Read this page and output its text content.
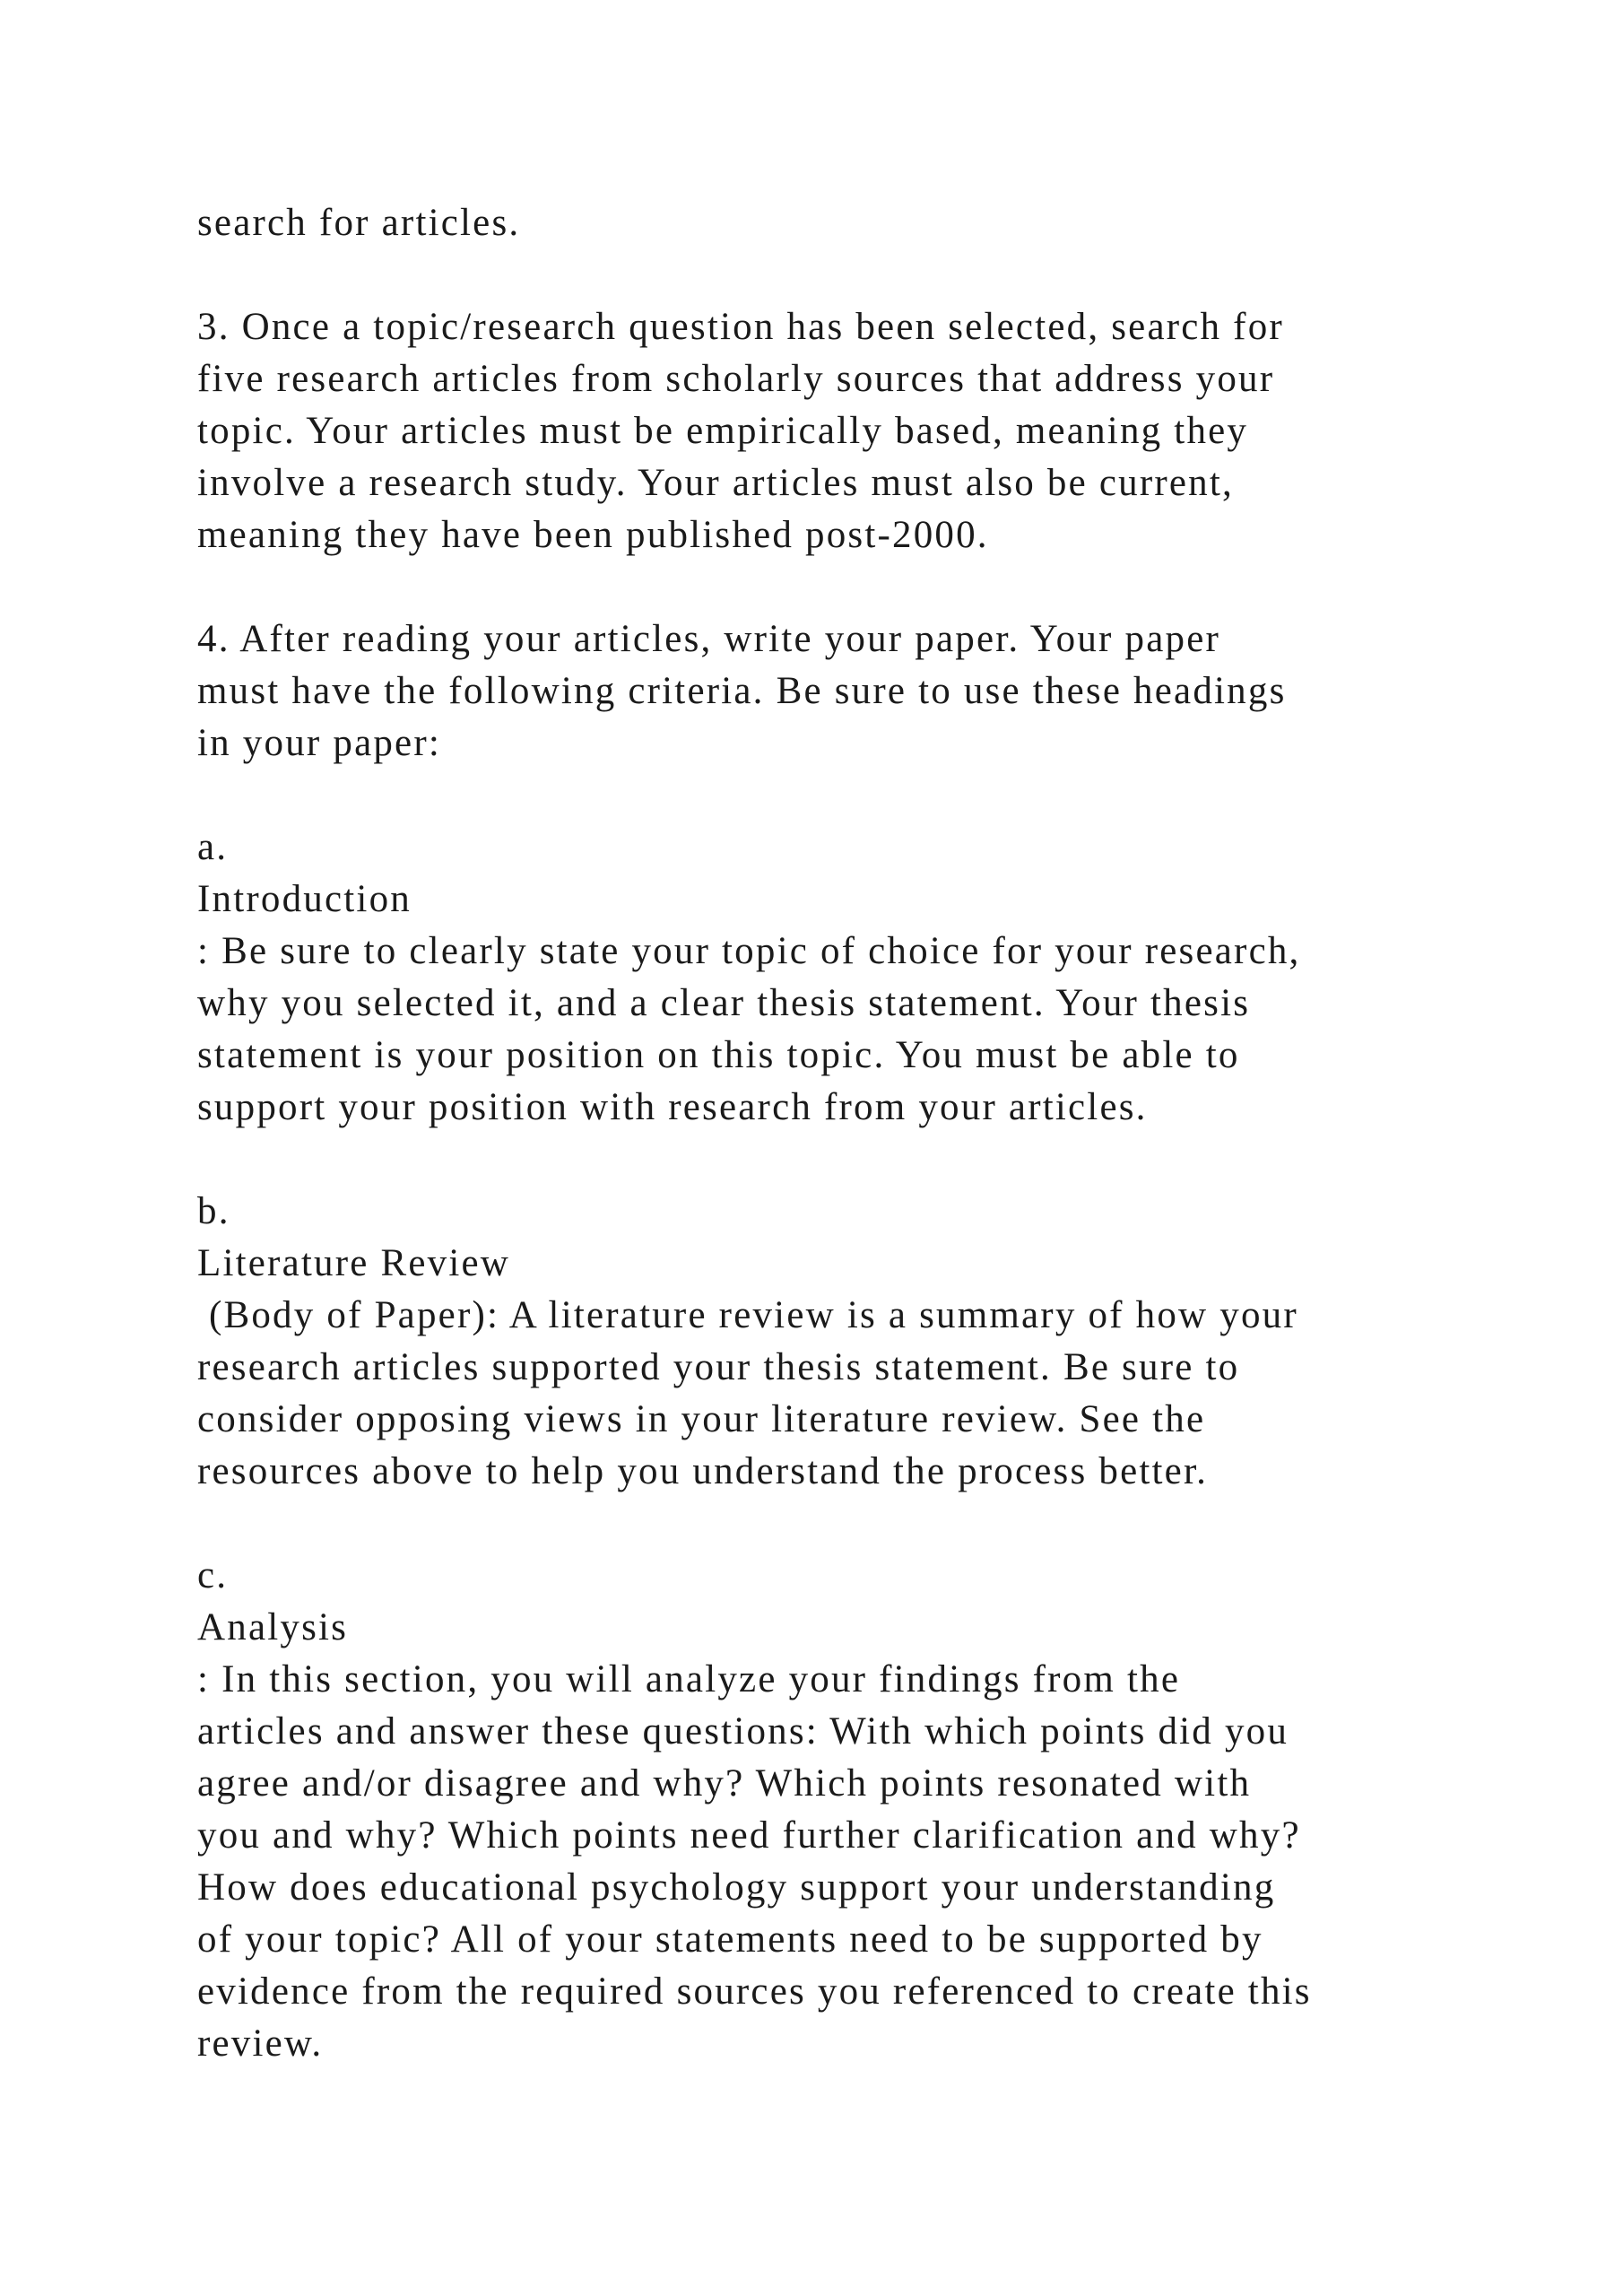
search for articles.
3. Once a topic/research question has been selected, search for
five research articles from scholarly sources that address your
topic. Your articles must be empirically based, meaning they
involve a research study. Your articles must also be current,
meaning they have been published post-2000.
4. After reading your articles, write your paper. Your paper
must have the following criteria. Be sure to use these headings
in your paper:
a.
Introduction
: Be sure to clearly state your topic of choice for your research,
why you selected it, and a clear thesis statement. Your thesis
statement is your position on this topic. You must be able to
support your position with research from your articles.
b.
Literature Review
(Body of Paper): A literature review is a summary of how your
research articles supported your thesis statement. Be sure to
consider opposing views in your literature review. See the
resources above to help you understand the process better.
c.
Analysis
: In this section, you will analyze your findings from the
articles and answer these questions: With which points did you
agree and/or disagree and why? Which points resonated with
you and why? Which points need further clarification and why?
How does educational psychology support your understanding
of your topic? All of your statements need to be supported by
evidence from the required sources you referenced to create this
review.
